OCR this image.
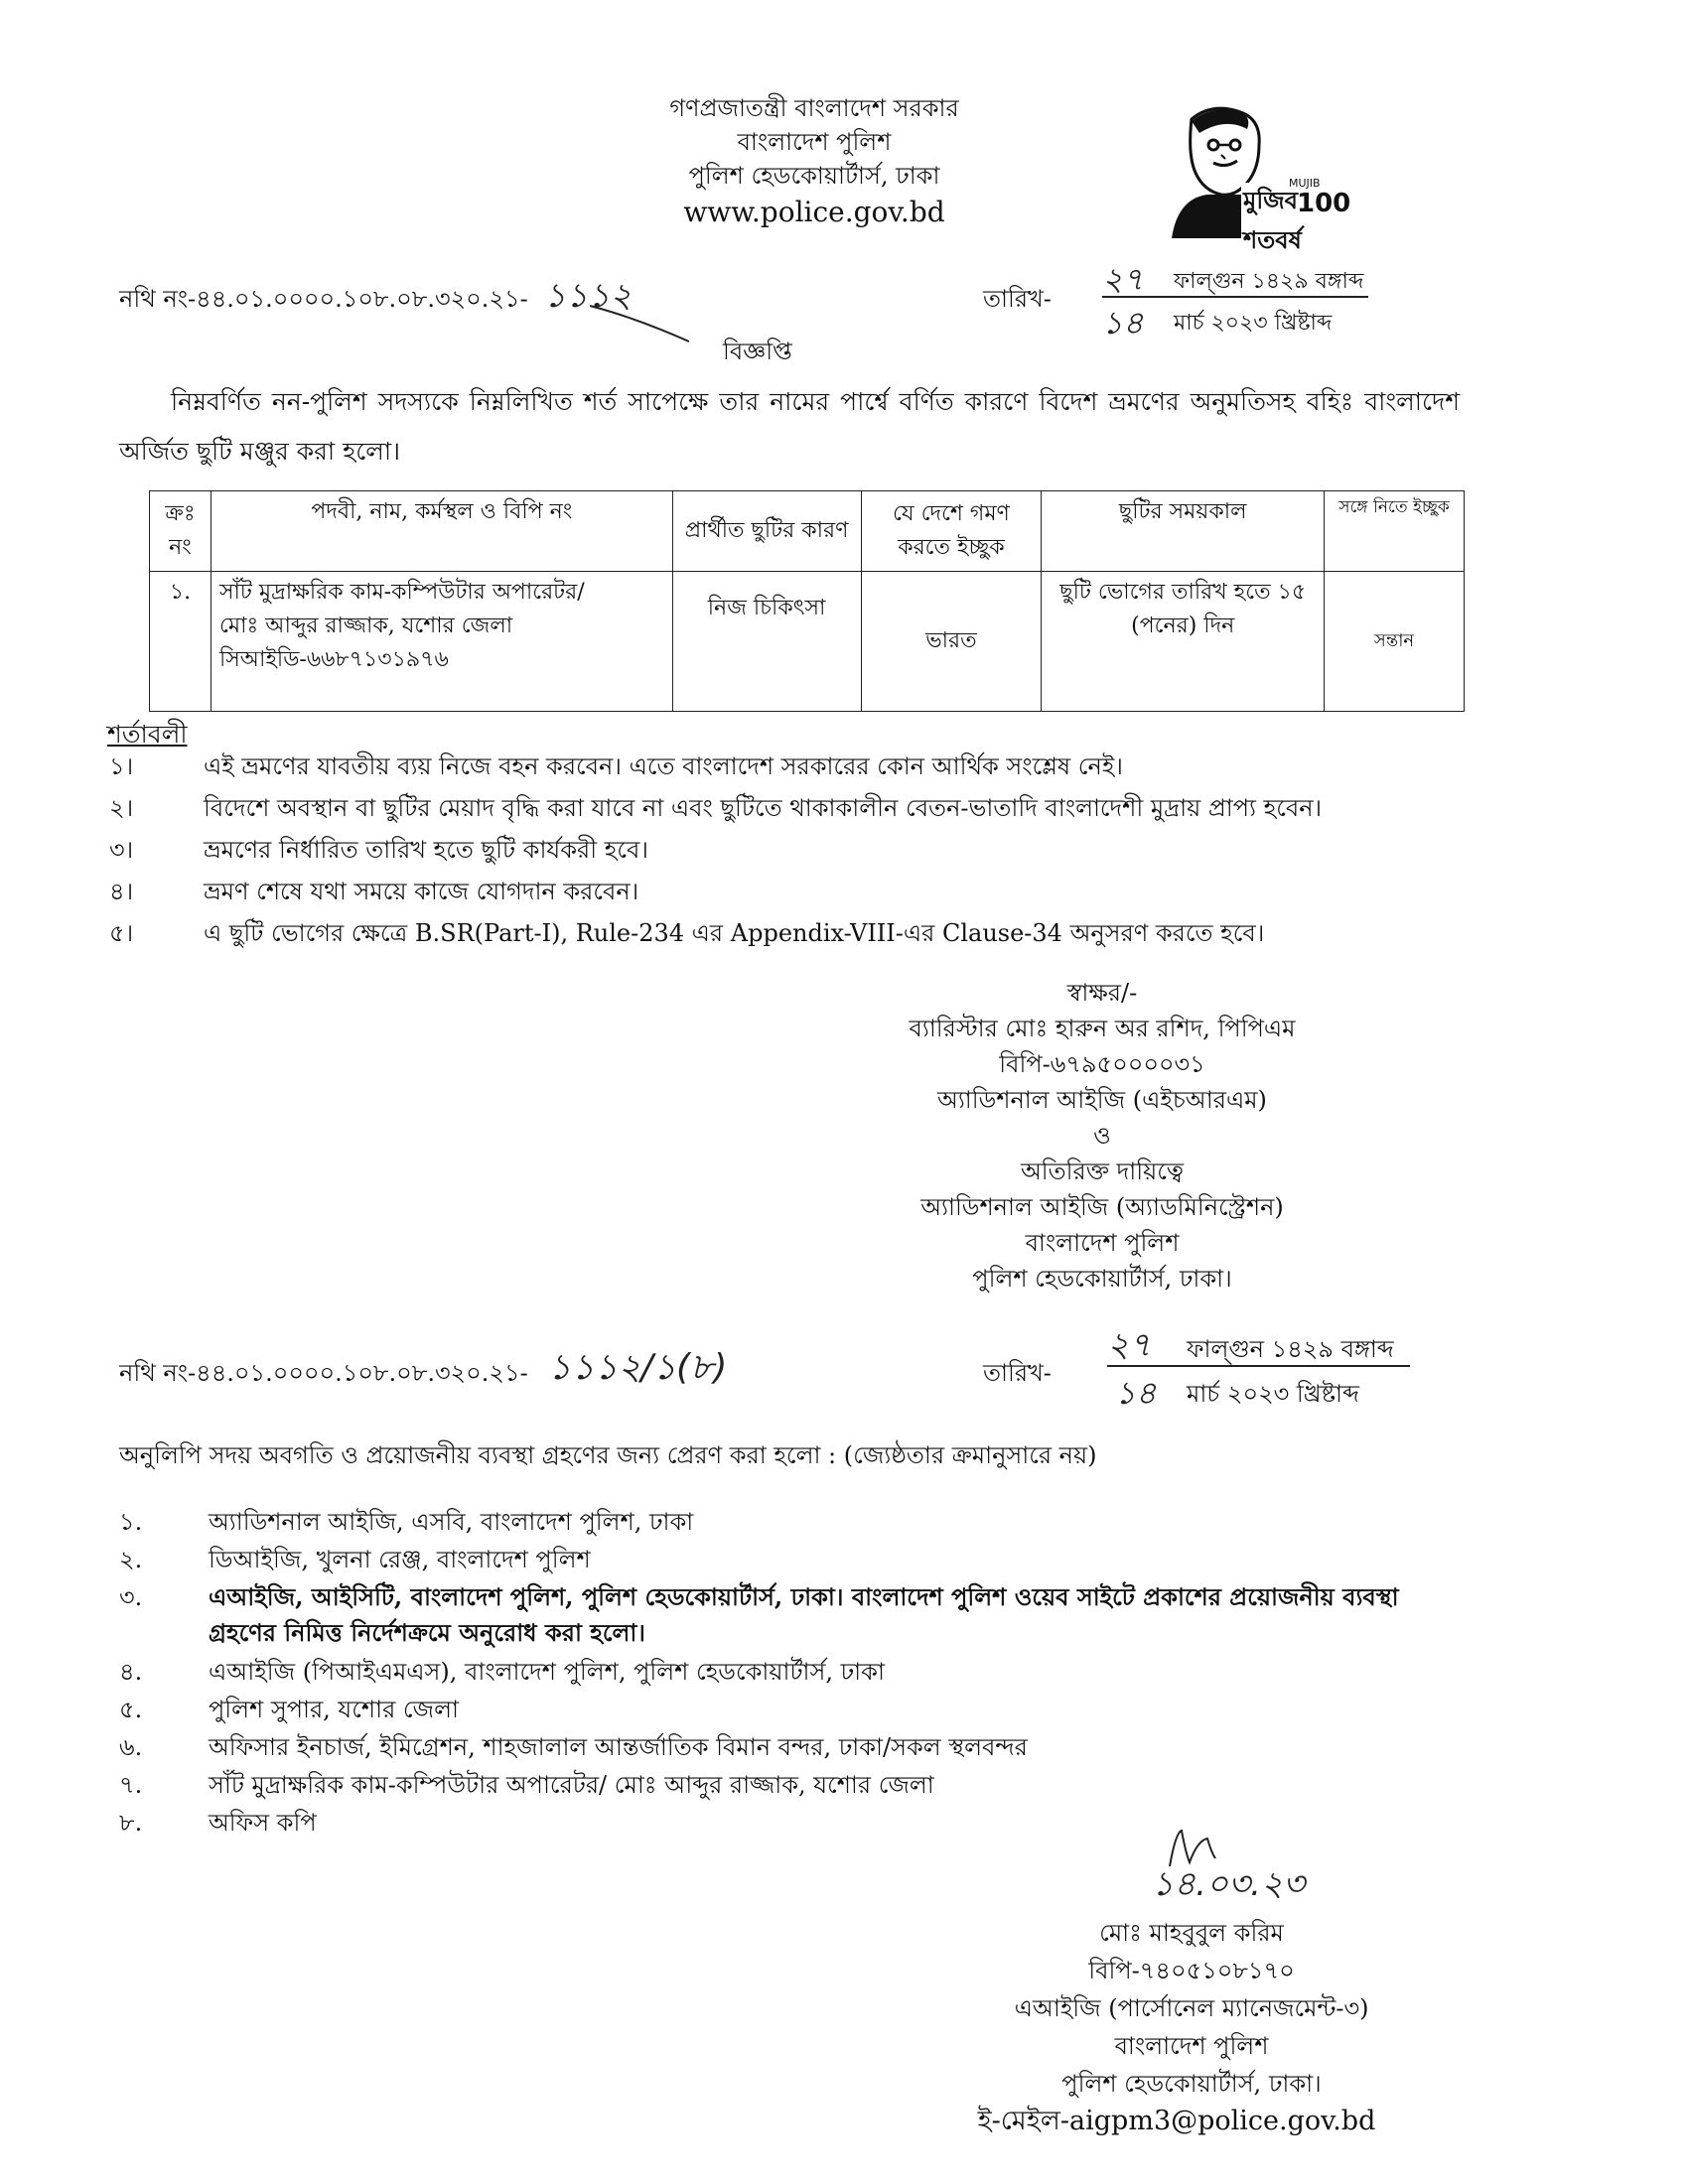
গণপ্রজাতন্ত্রী বাংলাদেশ সরকার
বাংলাদেশ পুলিশ
পুলিশ হেডকোয়ার্টার্স, ঢাকা
www.police.gov.bd	মুজিব শতবর্ষ
MUJIB
100
নথি নং-৪৪.০১.০০০০.১০৮.০৮.৩২০.২১- ১১১২	তারিখ-
২৭ ফাল্গুন ১৪২৯ বঙ্গাব্দ
১৪ মার্চ ২০২৩ খ্রিষ্টাব্দ
বিজ্ঞপ্তি
নিম্নবর্ণিত নন-পুলিশ সদস্যকে নিম্নলিখিত শর্ত সাপেক্ষে তার নামের পার্শ্বে বর্ণিত কারণে বিদেশ ভ্রমণের অনুমতিসহ বহিঃ বাংলাদেশ অর্জিত ছুটি মঞ্জুর করা হলো।
ক্রঃ নং	পদবী, নাম, কর্মস্থল ও বিপি নং	প্রার্থীত ছুটির কারণ	যে দেশে গমণ করতে ইচ্ছুক	ছুটির সময়কাল	সঙ্গে নিতে ইচ্ছুক
১.	সাঁট মুদ্রাক্ষরিক কাম-কম্পিউটার অপারেটর/
মোঃ আব্দুর রাজ্জাক, যশোর জেলা
সিআইডি-৬৬৮৭১৩১৯৭৬	নিজ চিকিৎসা	ভারত	ছুটি ভোগের তারিখ হতে ১৫ (পনের) দিন	সন্তান
শর্তাবলী
১।	এই ভ্রমণের যাবতীয় ব্যয় নিজে বহন করবেন। এতে বাংলাদেশ সরকারের কোন আর্থিক সংশ্লেষ নেই।
২।	বিদেশে অবস্থান বা ছুটির মেয়াদ বৃদ্ধি করা যাবে না এবং ছুটিতে থাকাকালীন বেতন-ভাতাদি বাংলাদেশী মুদ্রায় প্রাপ্য হবেন।
৩।	ভ্রমণের নির্ধারিত তারিখ হতে ছুটি কার্যকরী হবে।
৪।	ভ্রমণ শেষে যথা সময়ে কাজে যোগদান করবেন।
৫।	এ ছুটি ভোগের ক্ষেত্রে B.SR(Part-I), Rule-234 এর Appendix-VIII-এর Clause-34 অনুসরণ করতে হবে।
স্বাক্ষর/-
ব্যারিস্টার মোঃ হারুন অর রশিদ, পিপিএম
বিপি-৬৭৯৫০০০০৩১
অ্যাডিশনাল আইজি (এইচআরএম)
ও
অতিরিক্ত দায়িত্বে
অ্যাডিশনাল আইজি (অ্যাডমিনিস্ট্রেশন)
বাংলাদেশ পুলিশ
পুলিশ হেডকোয়ার্টার্স, ঢাকা।
নথি নং-৪৪.০১.০০০০.১০৮.০৮.৩২০.২১- ১১১২/১(৮)	তারিখ-
২৭ ফাল্গুন ১৪২৯ বঙ্গাব্দ
১৪ মার্চ ২০২৩ খ্রিষ্টাব্দ
অনুলিপি সদয় অবগতি ও প্রয়োজনীয় ব্যবস্থা গ্রহণের জন্য প্রেরণ করা হলো : (জ্যেষ্ঠতার ক্রমানুসারে নয়)
১.	অ্যাডিশনাল আইজি, এসবি, বাংলাদেশ পুলিশ, ঢাকা
২.	ডিআইজি, খুলনা রেঞ্জ, বাংলাদেশ পুলিশ
৩.	এআইজি, আইসিটি, বাংলাদেশ পুলিশ, পুলিশ হেডকোয়ার্টার্স, ঢাকা। বাংলাদেশ পুলিশ ওয়েব সাইটে প্রকাশের প্রয়োজনীয় ব্যবস্থা গ্রহণের নিমিত্ত নির্দেশক্রমে অনুরোধ করা হলো।
৪.	এআইজি (পিআইএমএস), বাংলাদেশ পুলিশ, পুলিশ হেডকোয়ার্টার্স, ঢাকা
৫.	পুলিশ সুপার, যশোর জেলা
৬.	অফিসার ইনচার্জ, ইমিগ্রেশন, শাহজালাল আন্তর্জাতিক বিমান বন্দর, ঢাকা/সকল স্থলবন্দর
৭.	সাঁট মুদ্রাক্ষরিক কাম-কম্পিউটার অপারেটর/ মোঃ আব্দুর রাজ্জাক, যশোর জেলা
৮.	অফিস কপি
১৪.০৩.২৩
মোঃ মাহবুবুল করিম
বিপি-৭৪০৫১০৮১৭০
এআইজি (পার্সোনেল ম্যানেজমেন্ট-৩)
বাংলাদেশ পুলিশ
পুলিশ হেডকোয়ার্টার্স, ঢাকা।
ই-মেইল-aigpm3@police.gov.bd
